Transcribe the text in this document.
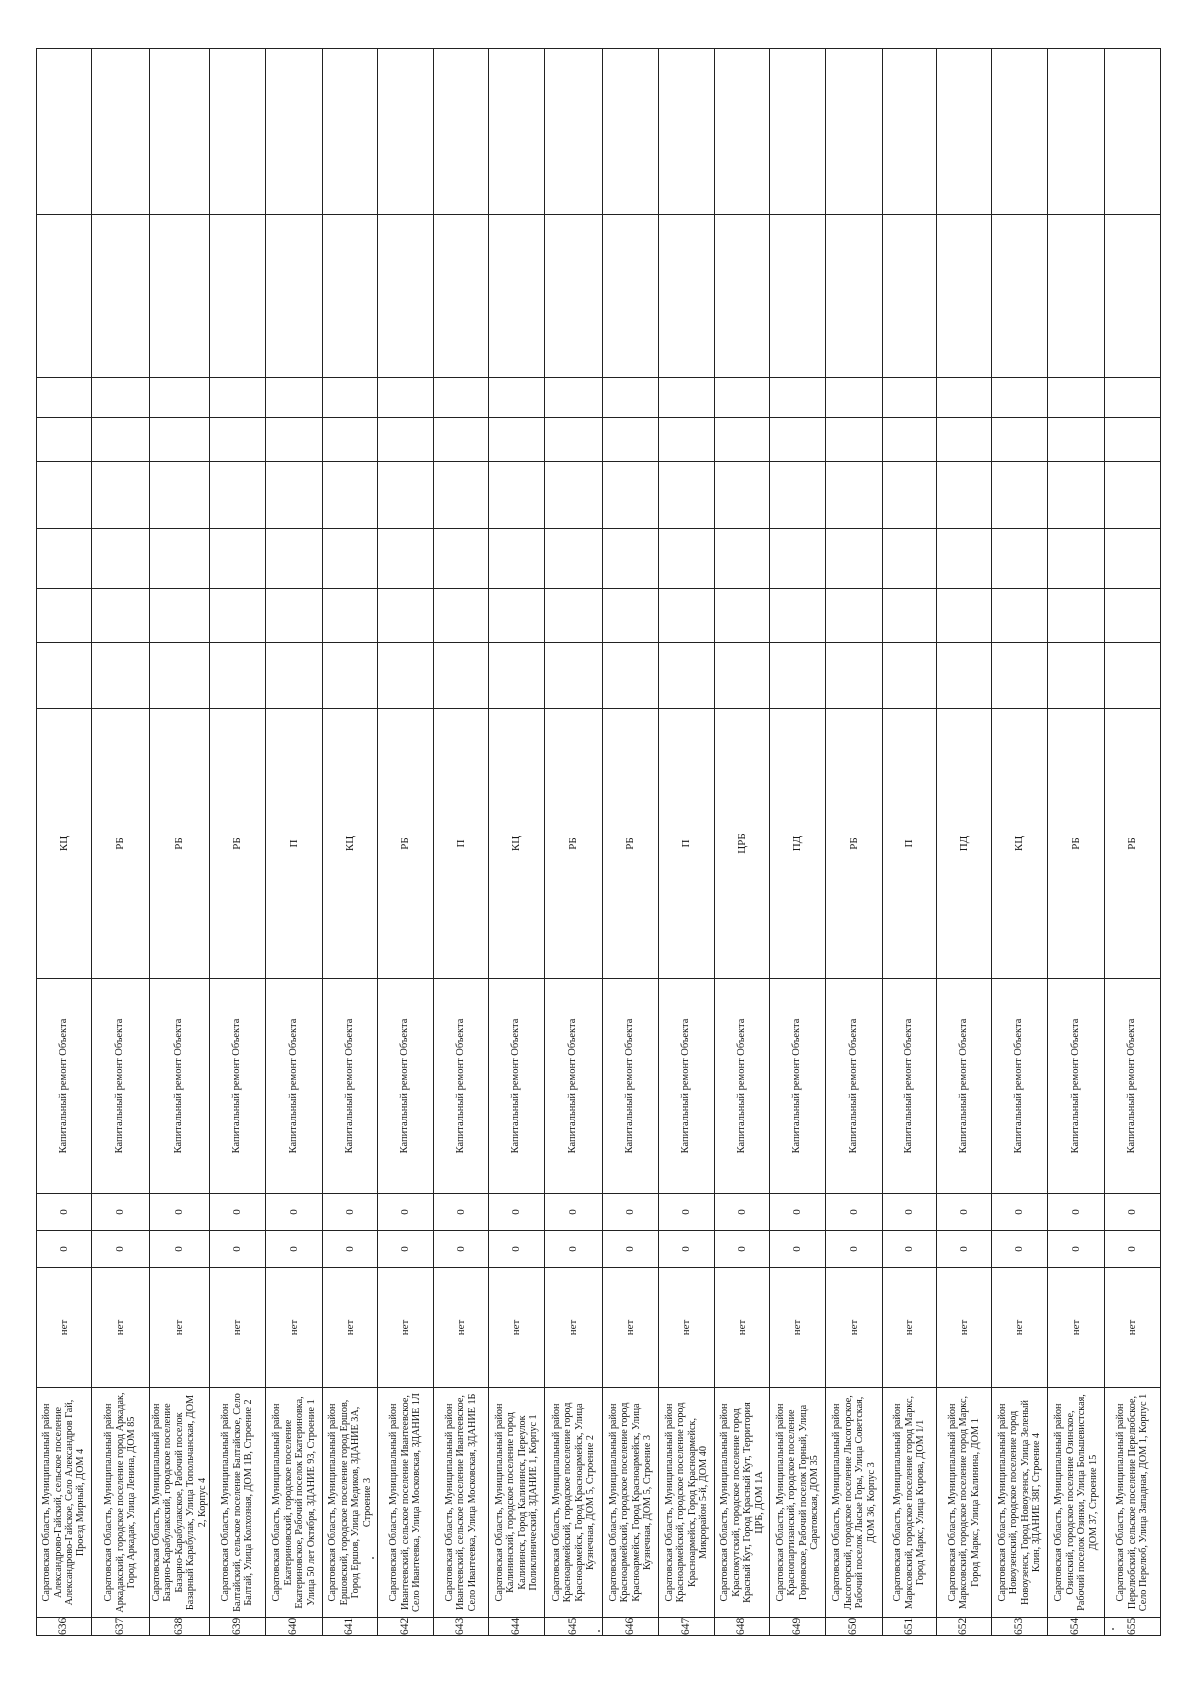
636	Саратовская Область, Муниципальный район Александрово-Гайский, сельское поселение Александрово-Гайское, Село Александров Гай, Проезд Мирный, ДОМ 4	нет	0	0	Капитальный ремонт Объекта	КЦ								
637	Саратовская Область, Муниципальный район Аркадакский, городское поселение город Аркадак, Город Аркадак, Улица Ленина, ДОМ 85	нет	0	0	Капитальный ремонт Объекта	РБ								
638	Саратовская Область, Муниципальный район Базарно-Карабулакский, городское поселение Базарно-Карабулакское, Рабочий поселок Базарный Карабулак, Улица Топольчанская, ДОМ 2, Корпус 4	нет	0	0	Капитальный ремонт Объекта	РБ								
639	Саратовская Область, Муниципальный район Балтайский, сельское поселение Балтайское, Село Балтай, Улица Колхозная, ДОМ 1В, Строение 2	нет	0	0	Капитальный ремонт Объекта	РБ								
640	Саратовская Область, Муниципальный район Екатериновский, городское поселение Екатериновское, Рабочий поселок Екатериновка, Улица 50 лет Октября, ЗДАНИЕ 93, Строение 1	нет	0	0	Капитальный ремонт Объекта	П								
641	Саратовская Область, Муниципальный район Ершовский, городское поселение город Ершов, Город Ершов, Улица Медиков, ЗДАНИЕ 3А, Строение 3	нет	0	0	Капитальный ремонт Объекта	КЦ								
642	Саратовская Область, Муниципальный район Ивантеевский, сельское поселение Ивантеевское, Село Ивантеевка, Улица Московская, ЗДАНИЕ 1Л	нет	0	0	Капитальный ремонт Объекта	РБ								
643	Саратовская Область, Муниципальный район Ивантеевский, сельское поселение Ивантеевское, Село Ивантеевка, Улица Московская, ЗДАНИЕ 1Б	нет	0	0	Капитальный ремонт Объекта	П								
644	Саратовская Область, Муниципальный район Калининский, городское поселение город Калининск, Город Калининск, Переулок Поликлинический, ЗДАНИЕ 1, Корпус 1	нет	0	0	Капитальный ремонт Объекта	КЦ								
645	Саратовская Область, Муниципальный район Красноармейский, городское поселение город Красноармейск, Город Красноармейск, Улица Кузнечная, ДОМ 5, Строение 2	нет	0	0	Капитальный ремонт Объекта	РБ								
646	Саратовская Область, Муниципальный район Красноармейский, городское поселение город Красноармейск, Город Красноармейск, Улица Кузнечная, ДОМ 5, Строение 3	нет	0	0	Капитальный ремонт Объекта	РБ								
647	Саратовская Область, Муниципальный район Красноармейский, городское поселение город Красноармейск, Город Красноармейск, Микрорайон 5-й, ДОМ 40	нет	0	0	Капитальный ремонт Объекта	П								
648	Саратовская Область, Муниципальный район Краснокутский, городское поселение город Красный Кут, Город Красный Кут, Территория ЦРБ, ДОМ 1А	нет	0	0	Капитальный ремонт Объекта	ЦРБ								
649	Саратовская Область, Муниципальный район Краснопартизанский, городское поселение Горновское, Рабочий поселок Горный, Улица Саратовская, ДОМ 35	нет	0	0	Капитальный ремонт Объекта	ПД								
650	Саратовская Область, Муниципальный район Лысогорский, городское поселение Лысогорское, Рабочий поселок Лысые Горы, Улица Советская, ДОМ 36, Корпус 3	нет	0	0	Капитальный ремонт Объекта	РБ								
651	Саратовская Область, Муниципальный район Марксовский, городское поселение город Маркс, Город Маркс, Улица Кирова, ДОМ 1/1	нет	0	0	Капитальный ремонт Объекта	П								
652	Саратовская Область, Муниципальный район Марксовский, городское поселение город Маркс, Город Маркс, Улица Калинина, ДОМ 1	нет	0	0	Капитальный ремонт Объекта	ПД								
653	Саратовская Область, Муниципальный район Новоузенский, городское поселение город Новоузенск, Город Новоузенск, Улица Зеленый Клин, ЗДАНИЕ 38Г, Строение 4	нет	0	0	Капитальный ремонт Объекта	КЦ								
654	Саратовская Область, Муниципальный район Озинский, городское поселение Озинское, Рабочий поселок Озинки, Улица Большевистская, ДОМ 37, Строение 15	нет	0	0	Капитальный ремонт Объекта	РБ								
655	Саратовская Область, Муниципальный район Перелюбский, сельское поселение Перелюбское, Село Перелюб, Улица Западная, ДОМ 1, Корпус 1	нет	0	0	Капитальный ремонт Объекта	РБ								
